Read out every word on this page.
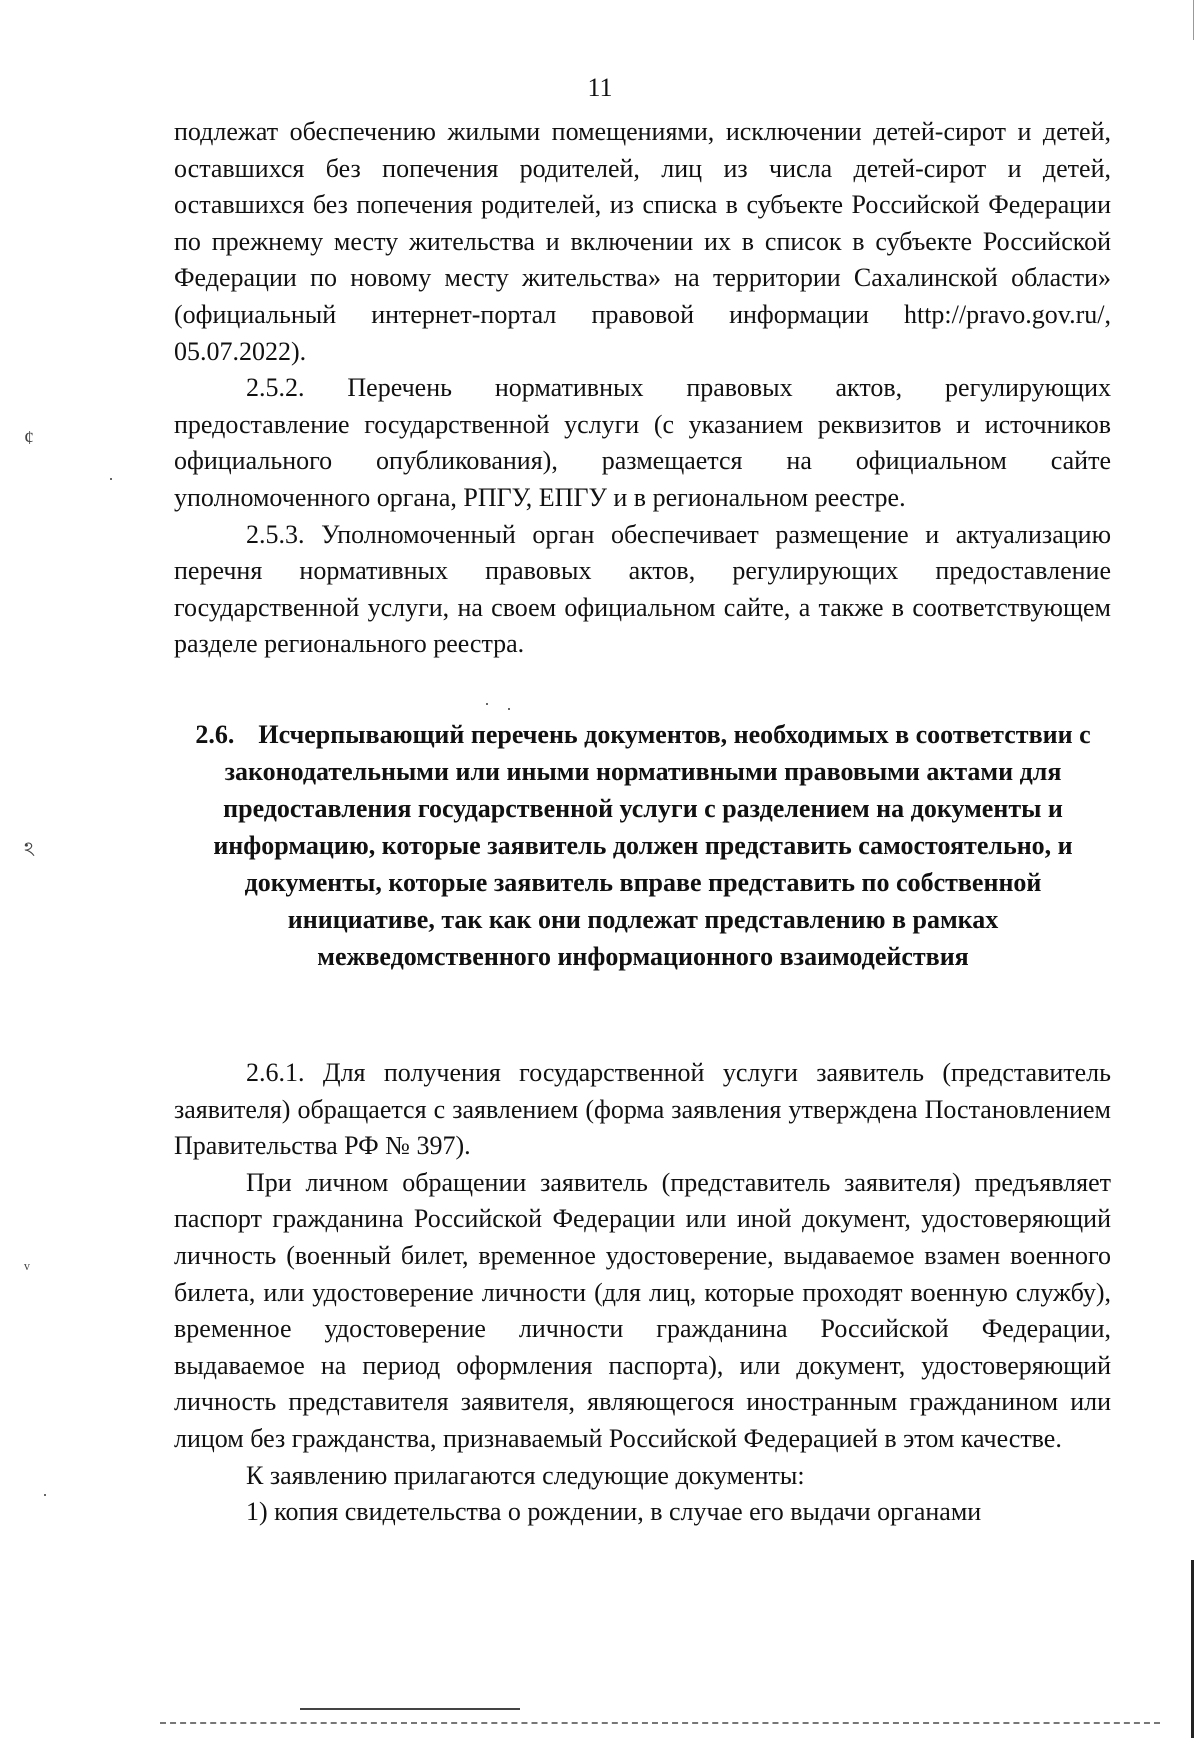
11

подлежат обеспечению жилыми помещениями, исключении детей-сирот и детей, оставшихся без попечения родителей, лиц из числа детей-сирот и детей, оставшихся без попечения родителей, из списка в субъекте Российской Федерации по прежнему месту жительства и включении их в список в субъекте Российской Федерации по новому месту жительства» на территории Сахалинской области» (официальный интернет-портал правовой информации http://pravo.gov.ru/, 05.07.2022).

2.5.2. Перечень нормативных правовых актов, регулирующих предоставление государственной услуги (с указанием реквизитов и источников официального опубликования), размещается на официальном сайте уполномоченного органа, РПГУ, ЕПГУ и в региональном реестре.

2.5.3. Уполномоченный орган обеспечивает размещение и актуализацию перечня нормативных правовых актов, регулирующих предоставление государственной услуги, на своем официальном сайте, а также в соответствующем разделе регионального реестра.

2.6. Исчерпывающий перечень документов, необходимых в соответствии с законодательными или иными нормативными правовыми актами для предоставления государственной услуги с разделением на документы и информацию, которые заявитель должен представить самостоятельно, и документы, которые заявитель вправе представить по собственной инициативе, так как они подлежат представлению в рамках межведомственного информационного взаимодействия

2.6.1. Для получения государственной услуги заявитель (представитель заявителя) обращается с заявлением (форма заявления утверждена Постановлением Правительства РФ № 397).

При личном обращении заявитель (представитель заявителя) предъявляет паспорт гражданина Российской Федерации или иной документ, удостоверяющий личность (военный билет, временное удостоверение, выдаваемое взамен военного билета, или удостоверение личности (для лиц, которые проходят военную службу), временное удостоверение личности гражданина Российской Федерации, выдаваемое на период оформления паспорта), или документ, удостоверяющий личность представителя заявителя, являющегося иностранным гражданином или лицом без гражданства, признаваемый Российской Федерацией в этом качестве.

К заявлению прилагаются следующие документы:

1) копия свидетельства о рождении, в случае его выдачи органами

ȼ
ঽ
ᵥ
